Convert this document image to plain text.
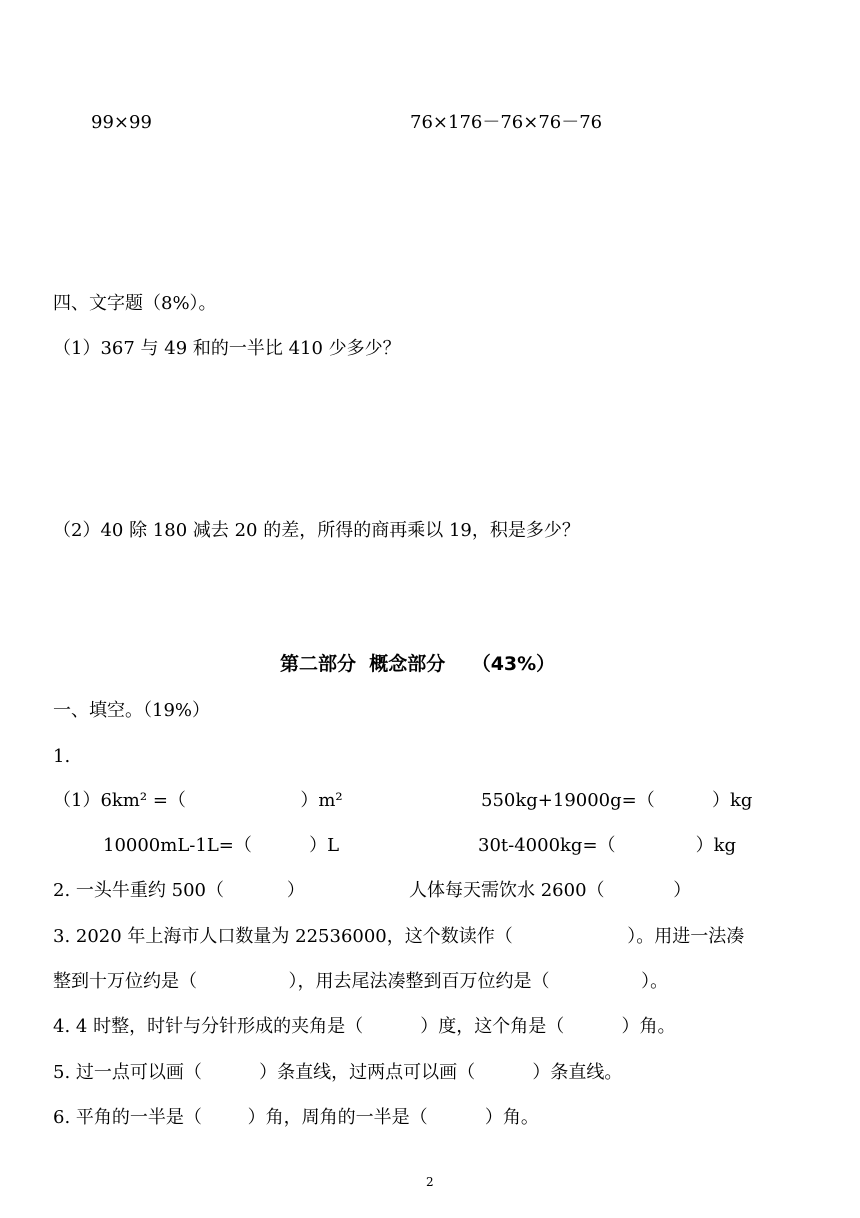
99×99	76×176－76×76－76
四、文字题（8%）。
（1）367 与 49 和的一半比 410 少多少？
（2）40 除 180 减去 20 的差，所得的商再乘以 19，积是多少？
第二部分  概念部分    （43%）
一、填空。（19%）
1.
（1）6km² =（                    ）m²	550kg+19000g=（          ）kg
10000mL-1L=（          ）L	30t-4000kg=（              ）kg
2. 一头牛重约 500（           ）	人体每天需饮水 2600（            ）
3. 2020 年上海市人口数量为 22536000，这个数读作（                    ）。用进一法凑
整到十万位约是（                ），用去尾法凑整到百万位约是（                ）。
4. 4 时整，时针与分针形成的夹角是（          ）度，这个角是（          ）角。
5. 过一点可以画（          ）条直线，过两点可以画（          ）条直线。
6. 平角的一半是（        ）角，周角的一半是（          ）角。
2
